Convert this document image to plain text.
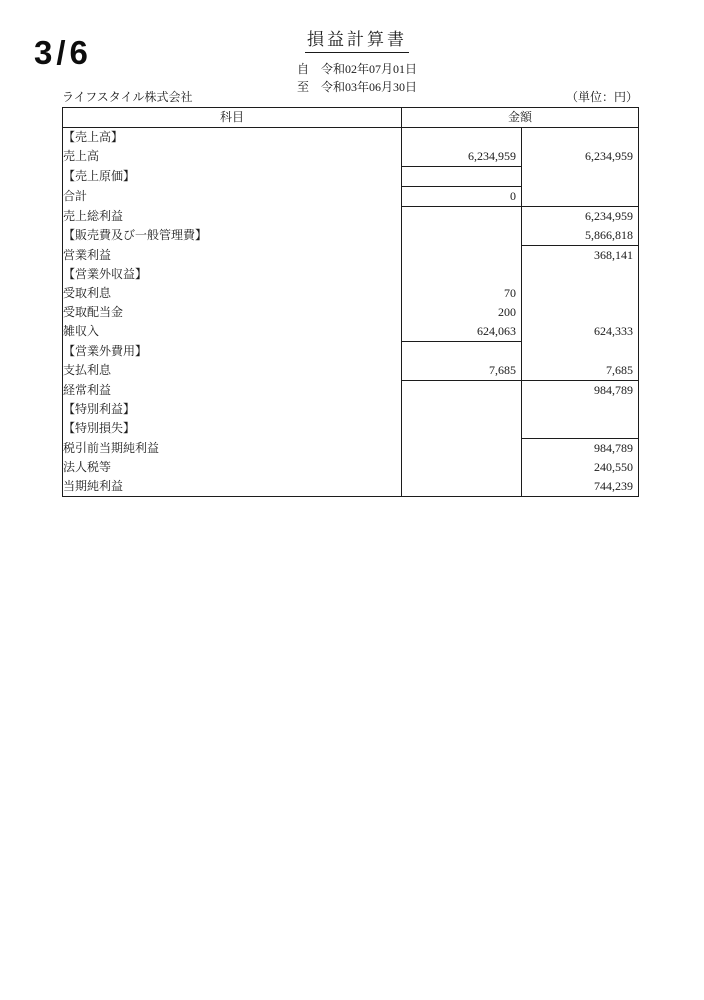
3/6	損益計算書
自　令和02年07月01日
至　令和03年06月30日
ライフスタイル株式会社	（単位：円）
科目	金額	
【売上高】		
売上高	6,234,959	6,234,959
【売上原価】		
合計	0	
売上総利益		6,234,959
【販売費及び一般管理費】		5,866,818
営業利益		368,141
【営業外収益】		
受取利息	70	
受取配当金	200	
雑収入	624,063	624,333
【営業外費用】		
支払利息	7,685	7,685
経常利益		984,789
【特別利益】		
【特別損失】		
税引前当期純利益		984,789
法人税等		240,550
当期純利益		744,239
